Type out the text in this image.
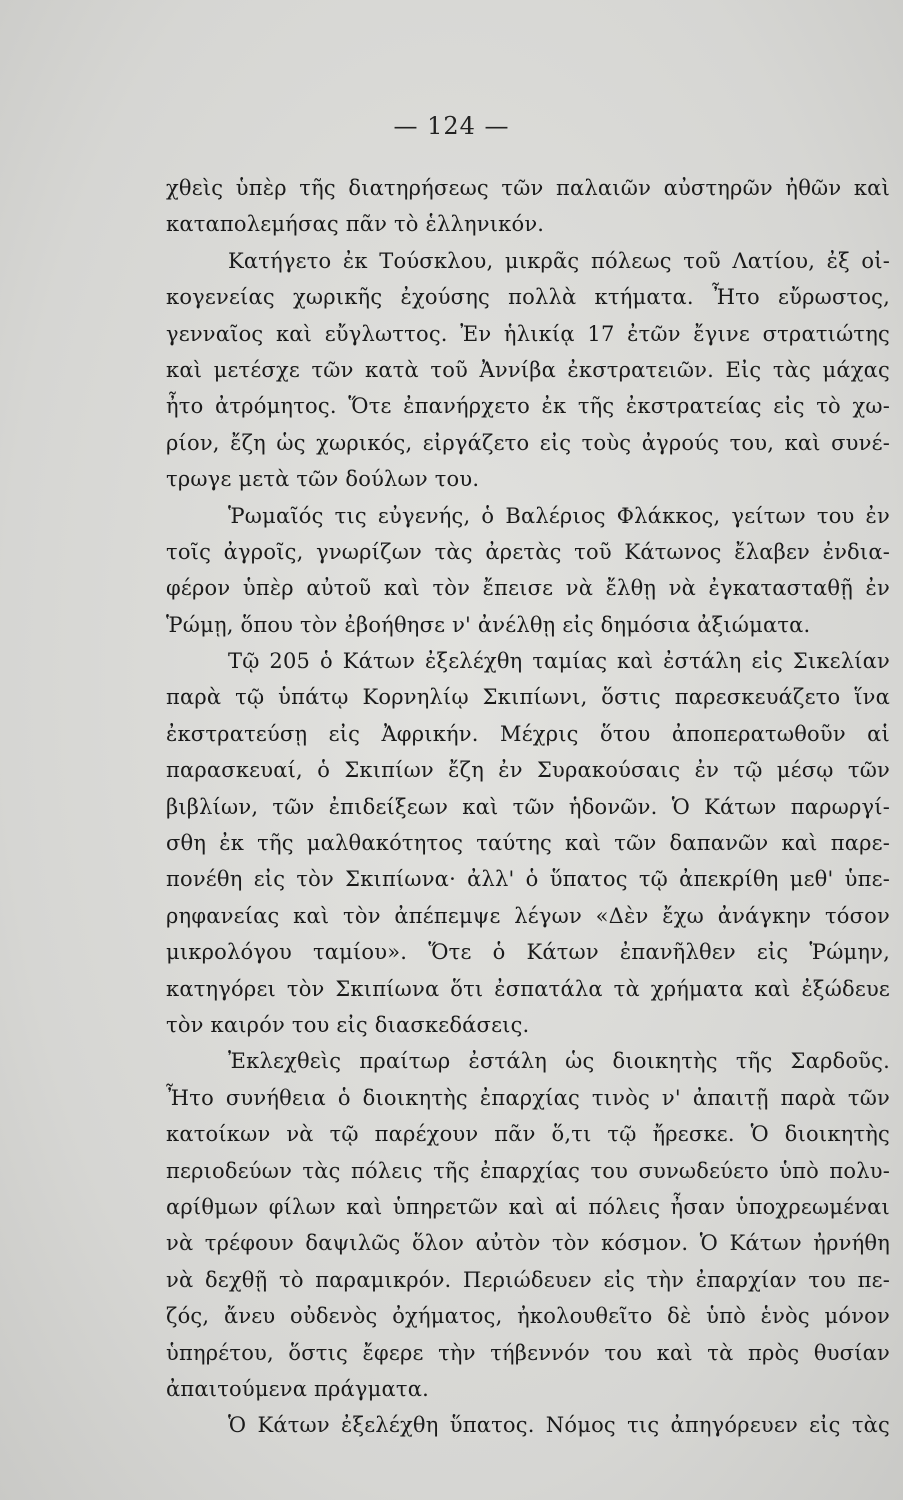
— 124 —
χθεὶς ὑπὲρ τῆς διατηρήσεως τῶν παλαιῶν αὐστηρῶν ἠθῶν καὶ
καταπολεμήσας πᾶν τὸ ἑλληνικόν.
Κατήγετο ἐκ Τούσκλου, μικρᾶς πόλεως τοῦ Λατίου, ἐξ οἰ-
κογενείας χωρικῆς ἐχούσης πολλὰ κτήματα. Ἦτο εὔρωστος,
γενναῖος καὶ εὔγλωττος. Ἐν ἡλικίᾳ 17 ἐτῶν ἔγινε στρατιώτης
καὶ μετέσχε τῶν κατὰ τοῦ Ἀννίβα ἐκστρατειῶν. Εἰς τὰς μάχας
ἦτο ἀτρόμητος. Ὅτε ἐπανήρχετο ἐκ τῆς ἐκστρατείας εἰς τὸ χω-
ρίον, ἔζη ὡς χωρικός, εἰργάζετο εἰς τοὺς ἀγρούς του, καὶ συνέ-
τρωγε μετὰ τῶν δούλων του.
Ῥωμαῖός τις εὐγενής, ὁ Βαλέριος Φλάκκος, γείτων του ἐν
τοῖς ἀγροῖς, γνωρίζων τὰς ἀρετὰς τοῦ Κάτωνος ἔλαβεν ἐνδια-
φέρον ὑπὲρ αὐτοῦ καὶ τὸν ἔπεισε νὰ ἔλθῃ νὰ ἐγκατασταθῇ ἐν
Ῥώμῃ, ὅπου τὸν ἐβοήθησε ν' ἀνέλθῃ εἰς δημόσια ἀξιώματα.
Τῷ 205 ὁ Κάτων ἐξελέχθη ταμίας καὶ ἐστάλη εἰς Σικελίαν
παρὰ τῷ ὑπάτῳ Κορνηλίῳ Σκιπίωνι, ὅστις παρεσκευάζετο ἵνα
ἐκστρατεύσῃ εἰς Ἀφρικήν. Μέχρις ὅτου ἀποπερατωθοῦν αἱ
παρασκευαί, ὁ Σκιπίων ἔζη ἐν Συρακούσαις ἐν τῷ μέσῳ τῶν
βιβλίων, τῶν ἐπιδείξεων καὶ τῶν ἡδονῶν. Ὁ Κάτων παρωργί-
σθη ἐκ τῆς μαλθακότητος ταύτης καὶ τῶν δαπανῶν καὶ παρε-
πονέθη εἰς τὸν Σκιπίωνα· ἀλλ' ὁ ὕπατος τῷ ἀπεκρίθη μεθ' ὑπε-
ρηφανείας καὶ τὸν ἀπέπεμψε λέγων «Δὲν ἔχω ἀνάγκην τόσον
μικρολόγου ταμίου». Ὅτε ὁ Κάτων ἐπανῆλθεν εἰς Ῥώμην,
κατηγόρει τὸν Σκιπίωνα ὅτι ἐσπατάλα τὰ χρήματα καὶ ἐξώδευε
τὸν καιρόν του εἰς διασκεδάσεις.
Ἐκλεχθεὶς πραίτωρ ἐστάλη ὡς διοικητὴς τῆς Σαρδοῦς.
Ἦτο συνήθεια ὁ διοικητὴς ἐπαρχίας τινὸς ν' ἀπαιτῇ παρὰ τῶν
κατοίκων νὰ τῷ παρέχουν πᾶν ὅ,τι τῷ ἤρεσκε. Ὁ διοικητὴς
περιοδεύων τὰς πόλεις τῆς ἐπαρχίας του συνωδεύετο ὑπὸ πολυ-
αρίθμων φίλων καὶ ὑπηρετῶν καὶ αἱ πόλεις ἦσαν ὑποχρεωμέναι
νὰ τρέφουν δαψιλῶς ὅλον αὐτὸν τὸν κόσμον. Ὁ Κάτων ἠρνήθη
νὰ δεχθῇ τὸ παραμικρόν. Περιώδευεν εἰς τὴν ἐπαρχίαν του πε-
ζός, ἄνευ οὐδενὸς ὀχήματος, ἠκολουθεῖτο δὲ ὑπὸ ἑνὸς μόνον
ὑπηρέτου, ὅστις ἔφερε τὴν τήβεννόν του καὶ τὰ πρὸς θυσίαν
ἀπαιτούμενα πράγματα.
Ὁ Κάτων ἐξελέχθη ὕπατος. Νόμος τις ἀπηγόρευεν εἰς τὰς
